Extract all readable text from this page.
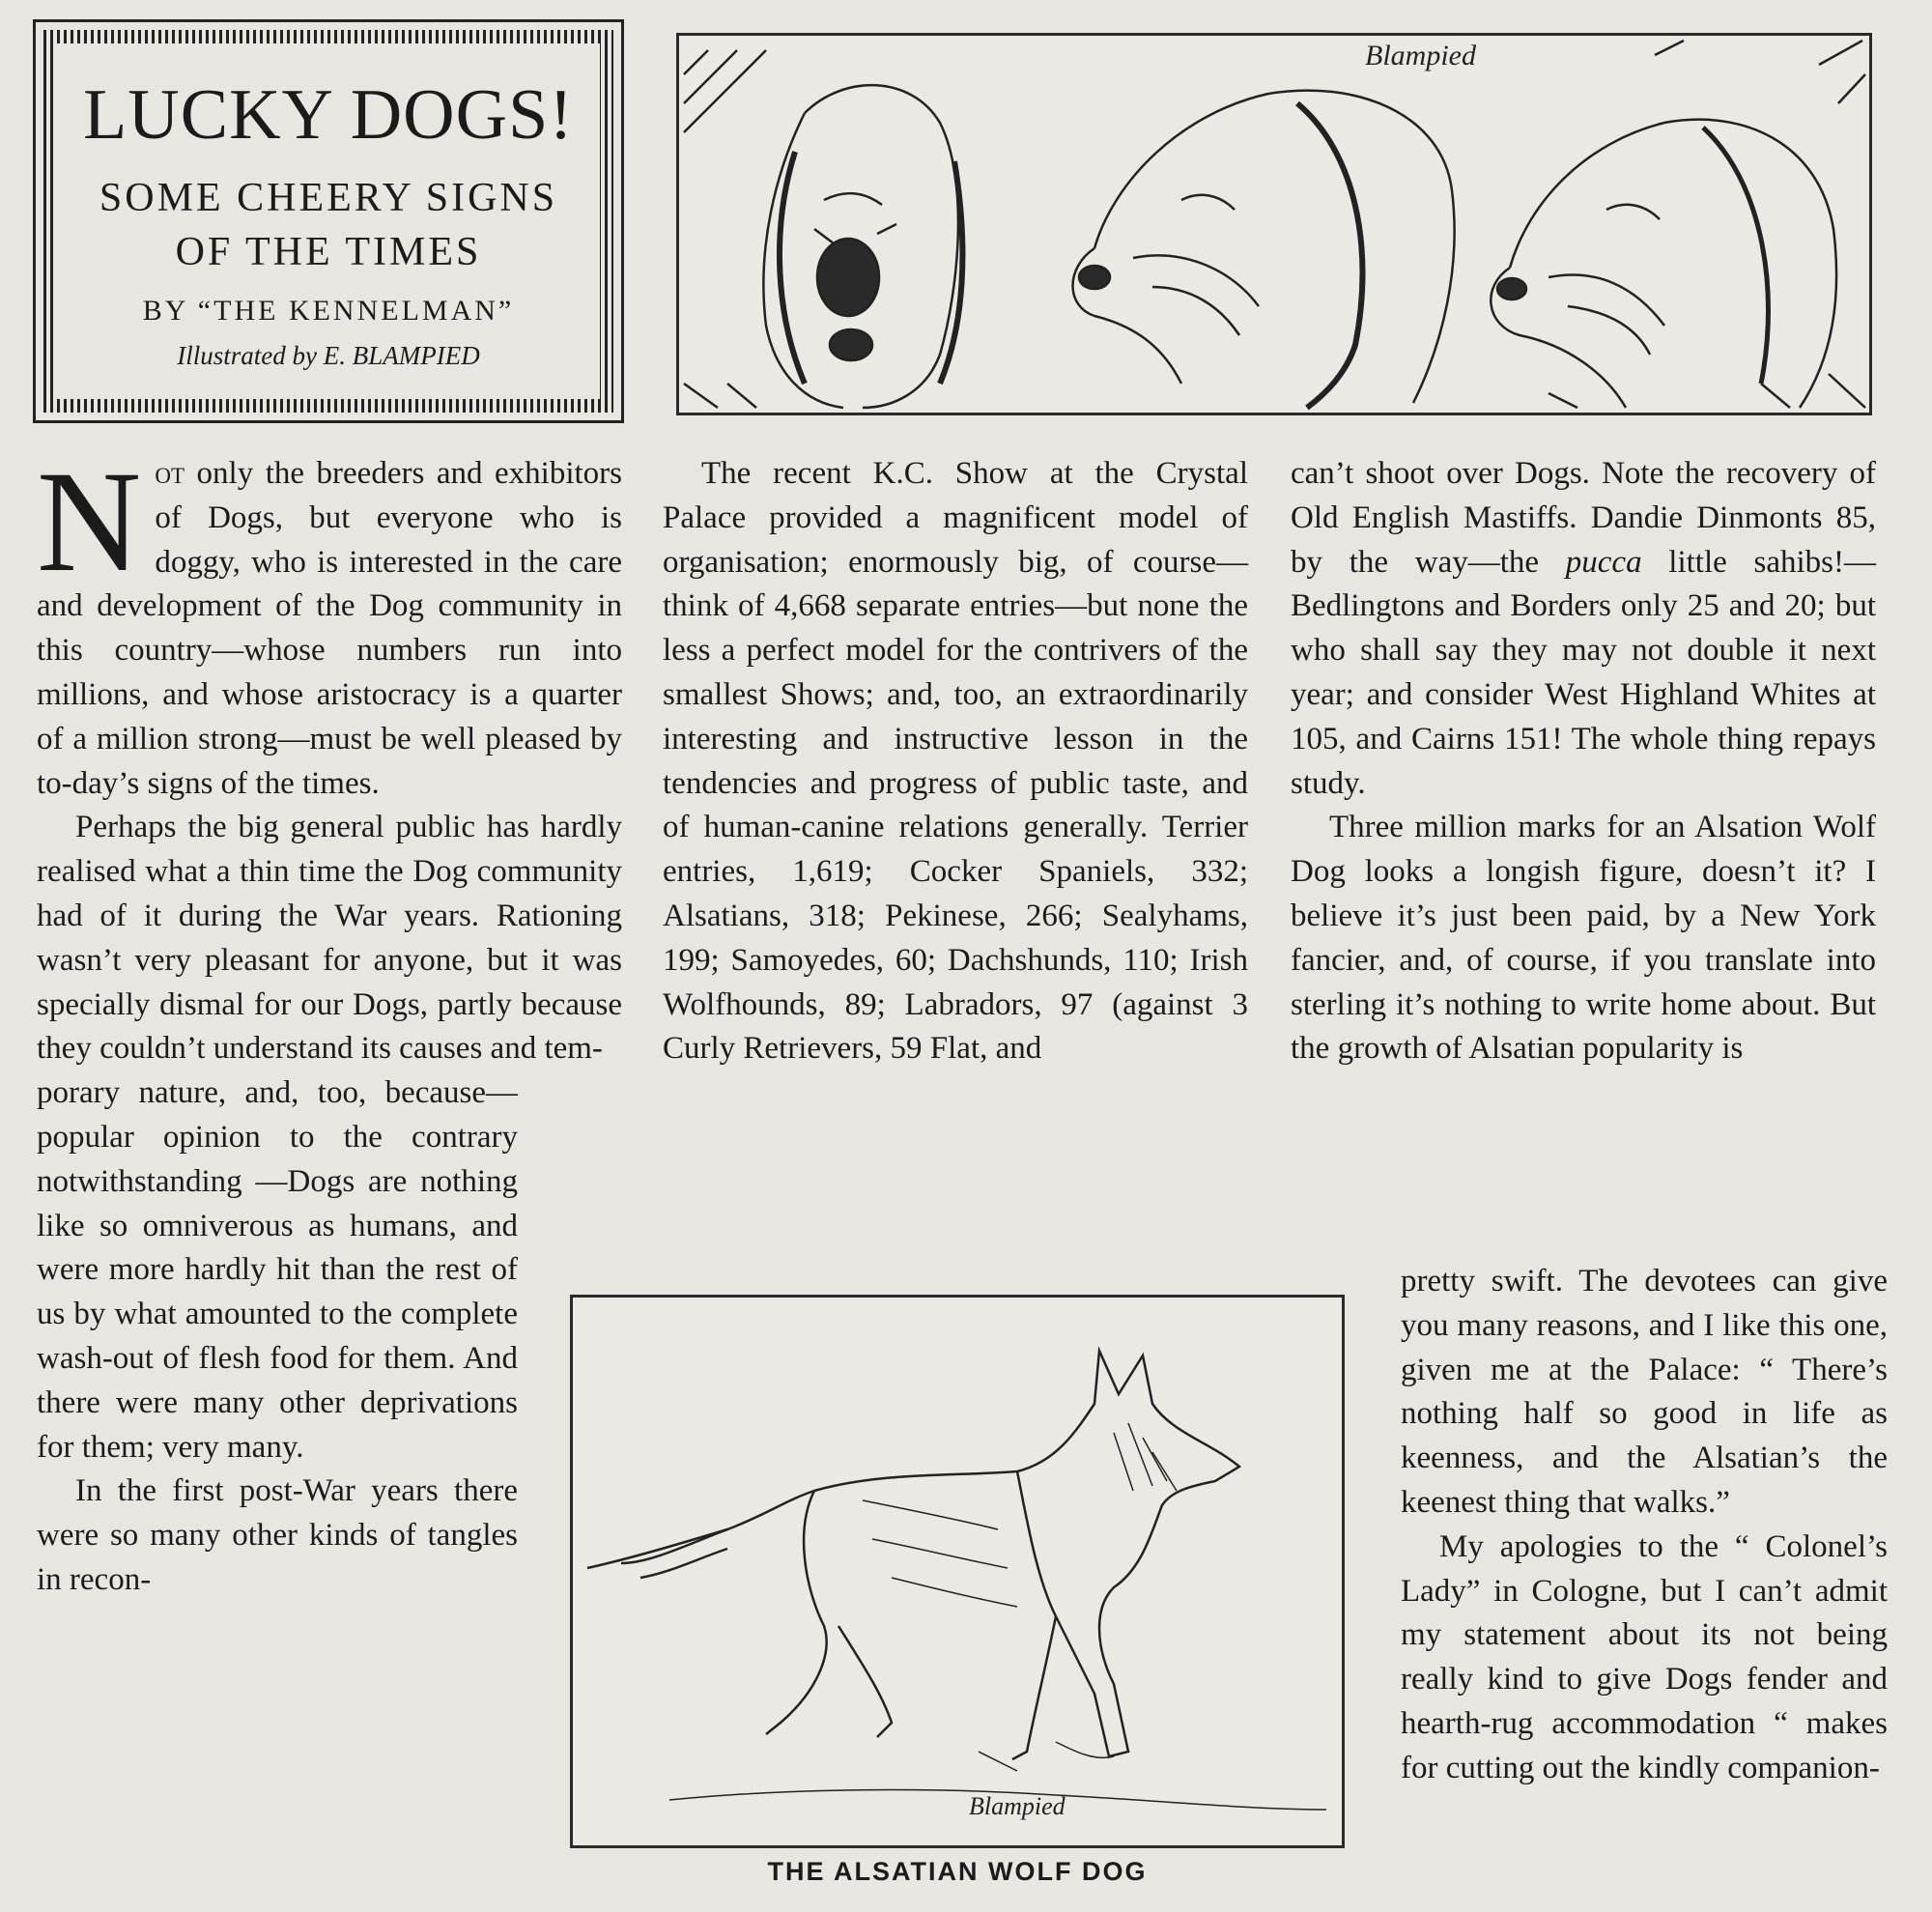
LUCKY DOGS!
SOME CHEERY SIGNS
OF THE TIMES
BY “THE KENNELMAN”
Illustrated by E. BLAMPIED
Blampied

Not only the breeders and exhibitors of Dogs, but everyone who is doggy, who is interested in the care and development of the Dog community in this country—whose numbers run into millions, and whose aristocracy is a quarter of a million strong—must be well pleased by to-day’s signs of the times.

Perhaps the big general public has hardly realised what a thin time the Dog community had of it during the War years. Rationing wasn’t very pleasant for anyone, but it was specially dismal for our Dogs, partly because they couldn’t understand its causes and tem-

porary nature, and, too, because—popular opinion to the contrary notwithstanding —Dogs are nothing like so omniverous as humans, and were more hardly hit than the rest of us by what amounted to the complete wash-out of flesh food for them. And there were many other deprivations for them; very many.

In the first post-War years there were so many other kinds of tangles in recon-

The recent K.C. Show at the Crystal Palace provided a magnificent model of organisation; enormously big, of course—think of 4,668 separate entries—but none the less a perfect model for the contrivers of the smallest Shows; and, too, an extraordinarily interesting and instructive lesson in the tendencies and progress of public taste, and of human-canine relations generally. Terrier entries, 1,619; Cocker Spaniels, 332; Alsatians, 318; Pekinese, 266; Sealyhams, 199; Samoyedes, 60; Dachshunds, 110; Irish Wolfhounds, 89; Labradors, 97 (against 3 Curly Retrievers, 59 Flat, and

can’t shoot over Dogs. Note the recovery of Old English Mastiffs. Dandie Dinmonts 85, by the way—the pucca little sahibs!—Bedlingtons and Borders only 25 and 20; but who shall say they may not double it next year; and consider West Highland Whites at 105, and Cairns 151! The whole thing repays study.

Three million marks for an Alsation Wolf Dog looks a longish figure, doesn’t it? I believe it’s just been paid, by a New York fancier, and, of course, if you translate into sterling it’s nothing to write home about. But the growth of Alsatian popularity is

pretty swift. The devotees can give you many reasons, and I like this one, given me at the Palace: “ There’s nothing half so good in life as keenness, and the Alsatian’s the keenest thing that walks.”

My apologies to the “ Colonel’s Lady” in Cologne, but I can’t admit my statement about its not being really kind to give Dogs fender and hearth-rug accommodation “ makes for cutting out the kindly companion-

Blampied
THE ALSATIAN WOLF DOG
